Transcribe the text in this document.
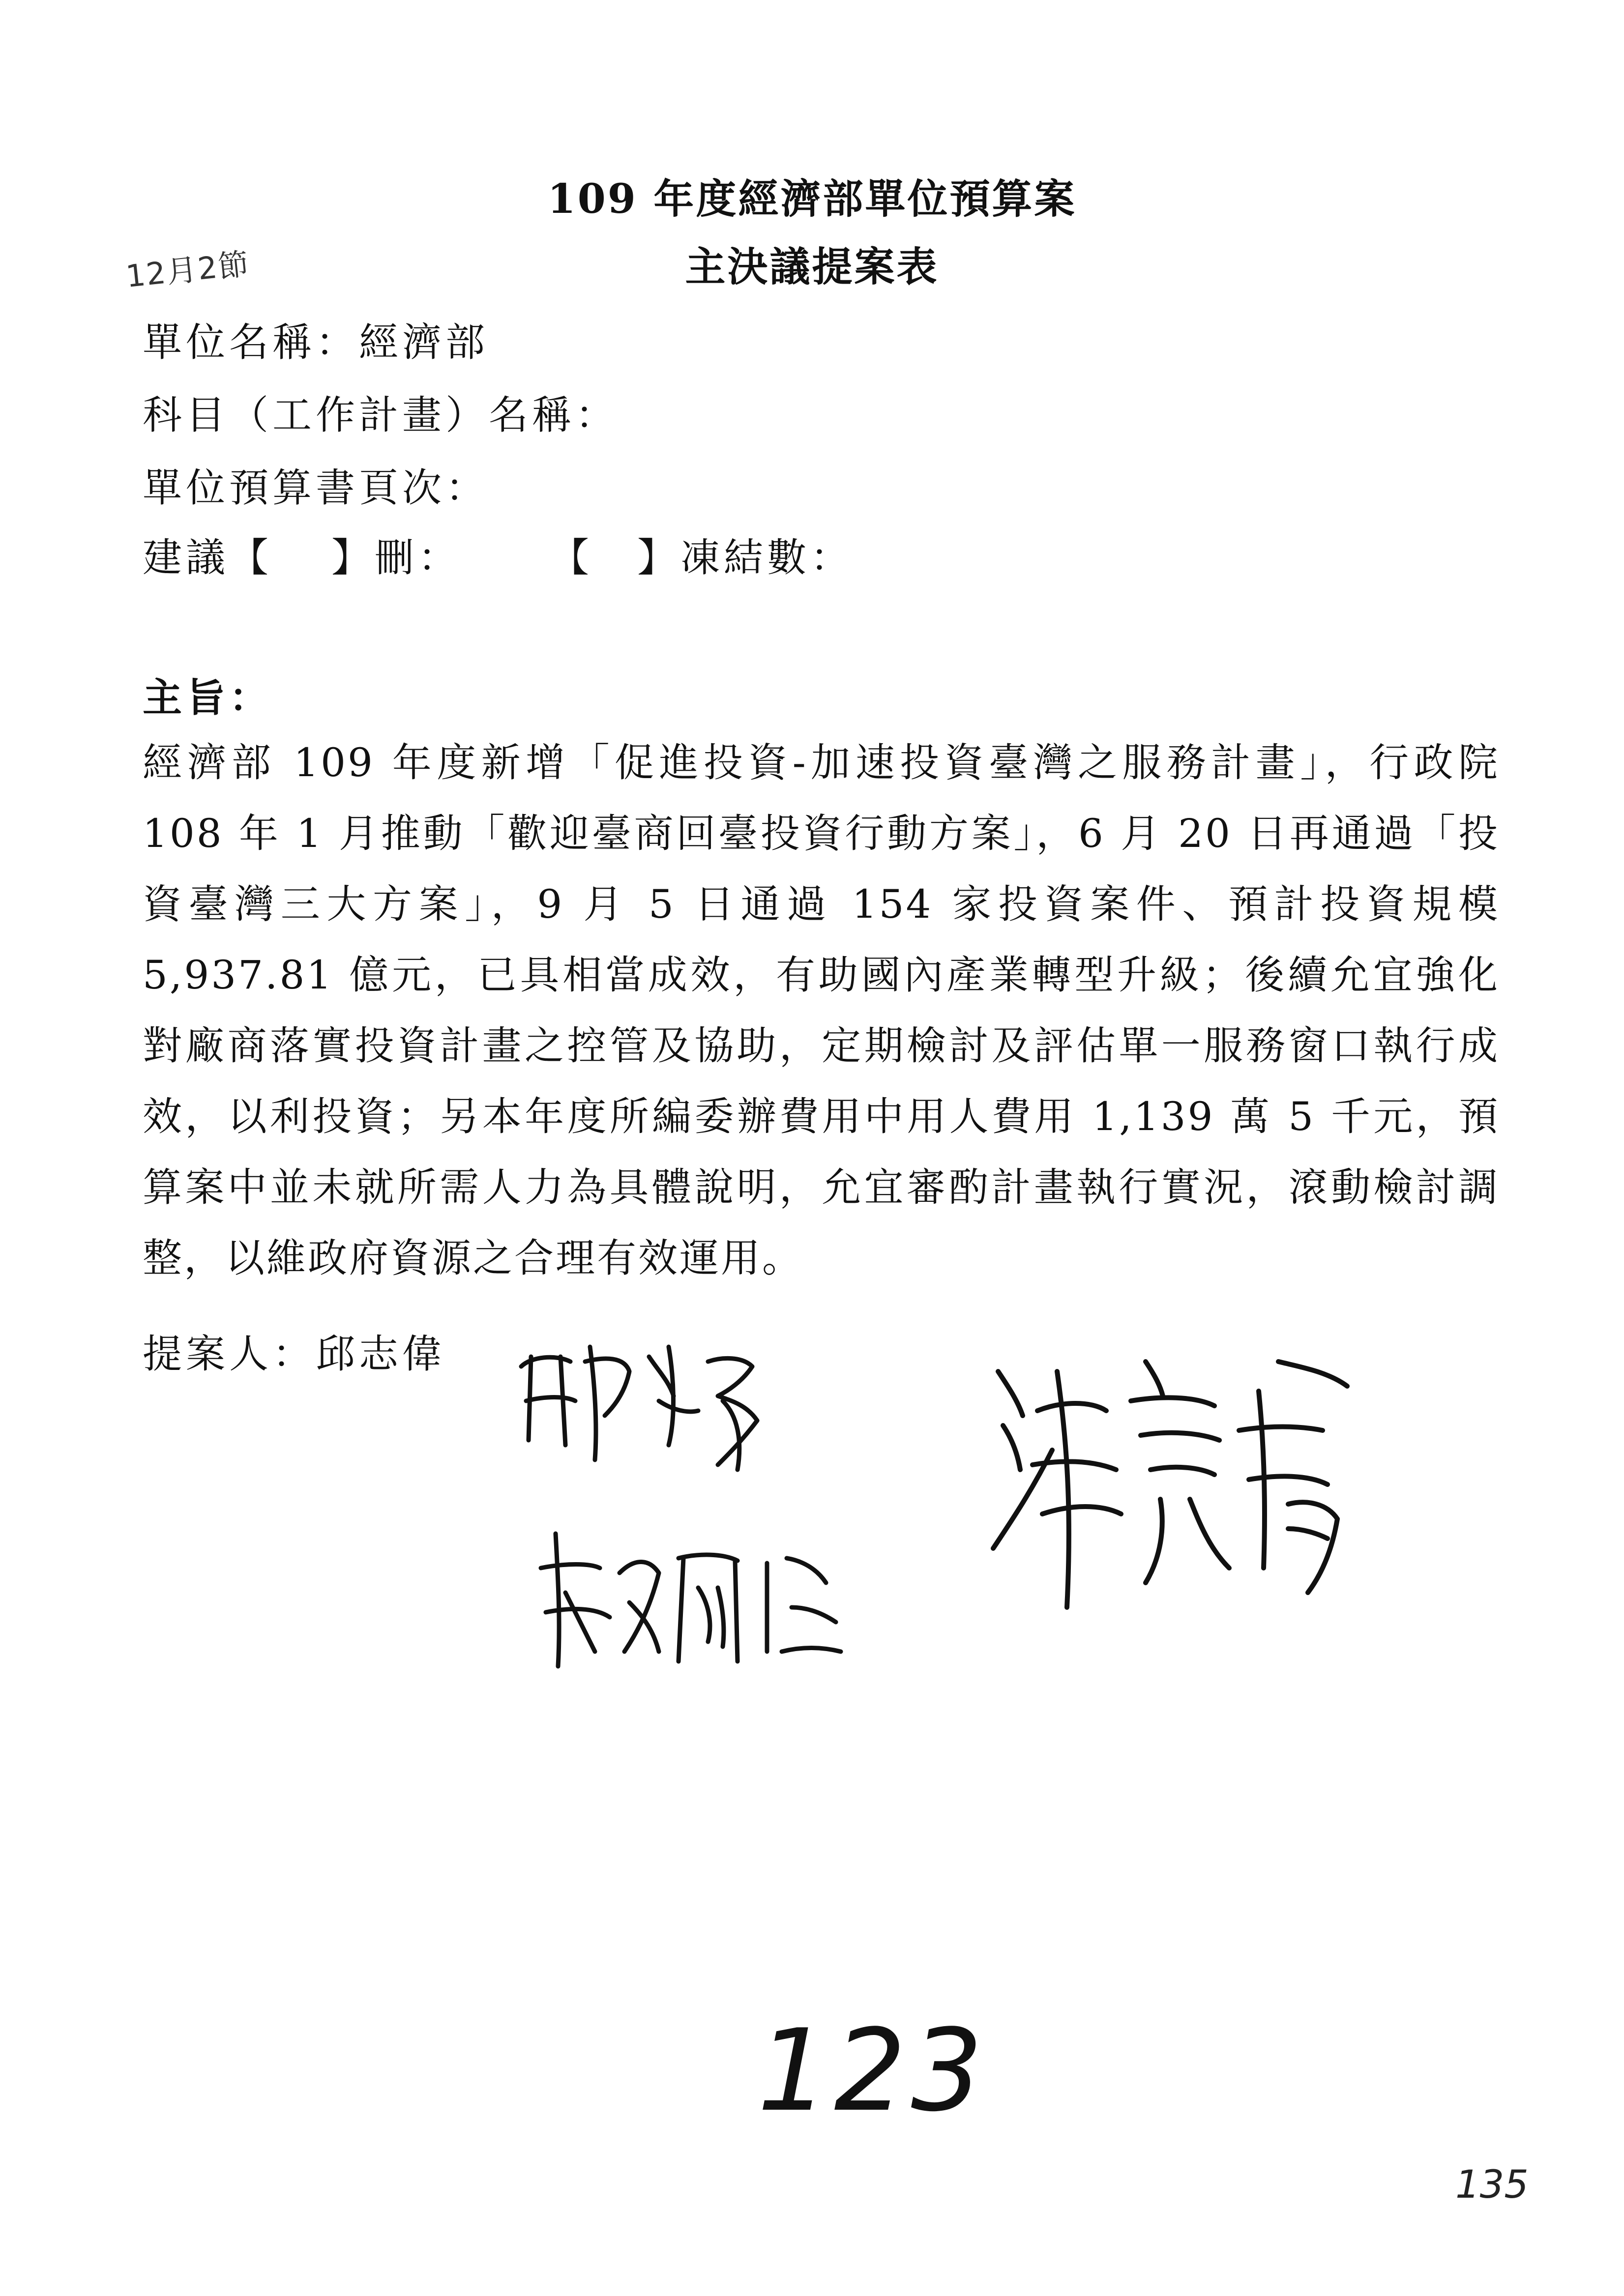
109 年度經濟部單位預算案
主決議提案表
12月2節
單位名稱：經濟部
科目（工作計畫）名稱：
單位預算書頁次：
建議【 】刪： 【 】凍結數：
主旨：
經濟部 109 年度新增「促進投資-加速投資臺灣之服務計畫」，行政院 108 年 1 月推動「歡迎臺商回臺投資行動方案」，6 月 20 日再通過「投資臺灣三大方案」，9 月 5 日通過 154 家投資案件、預計投資規模 5,937.81 億元，已具相當成效，有助國內產業轉型升級；後續允宜強化對廠商落實投資計畫之控管及協助，定期檢討及評估單一服務窗口執行成效，以利投資；另本年度所編委辦費用中用人費用 1,139 萬 5 千元，預算案中並未就所需人力為具體說明，允宜審酌計畫執行實況，滾動檢討調整，以維政府資源之合理有效運用。
提案人：邱志偉
123
135
